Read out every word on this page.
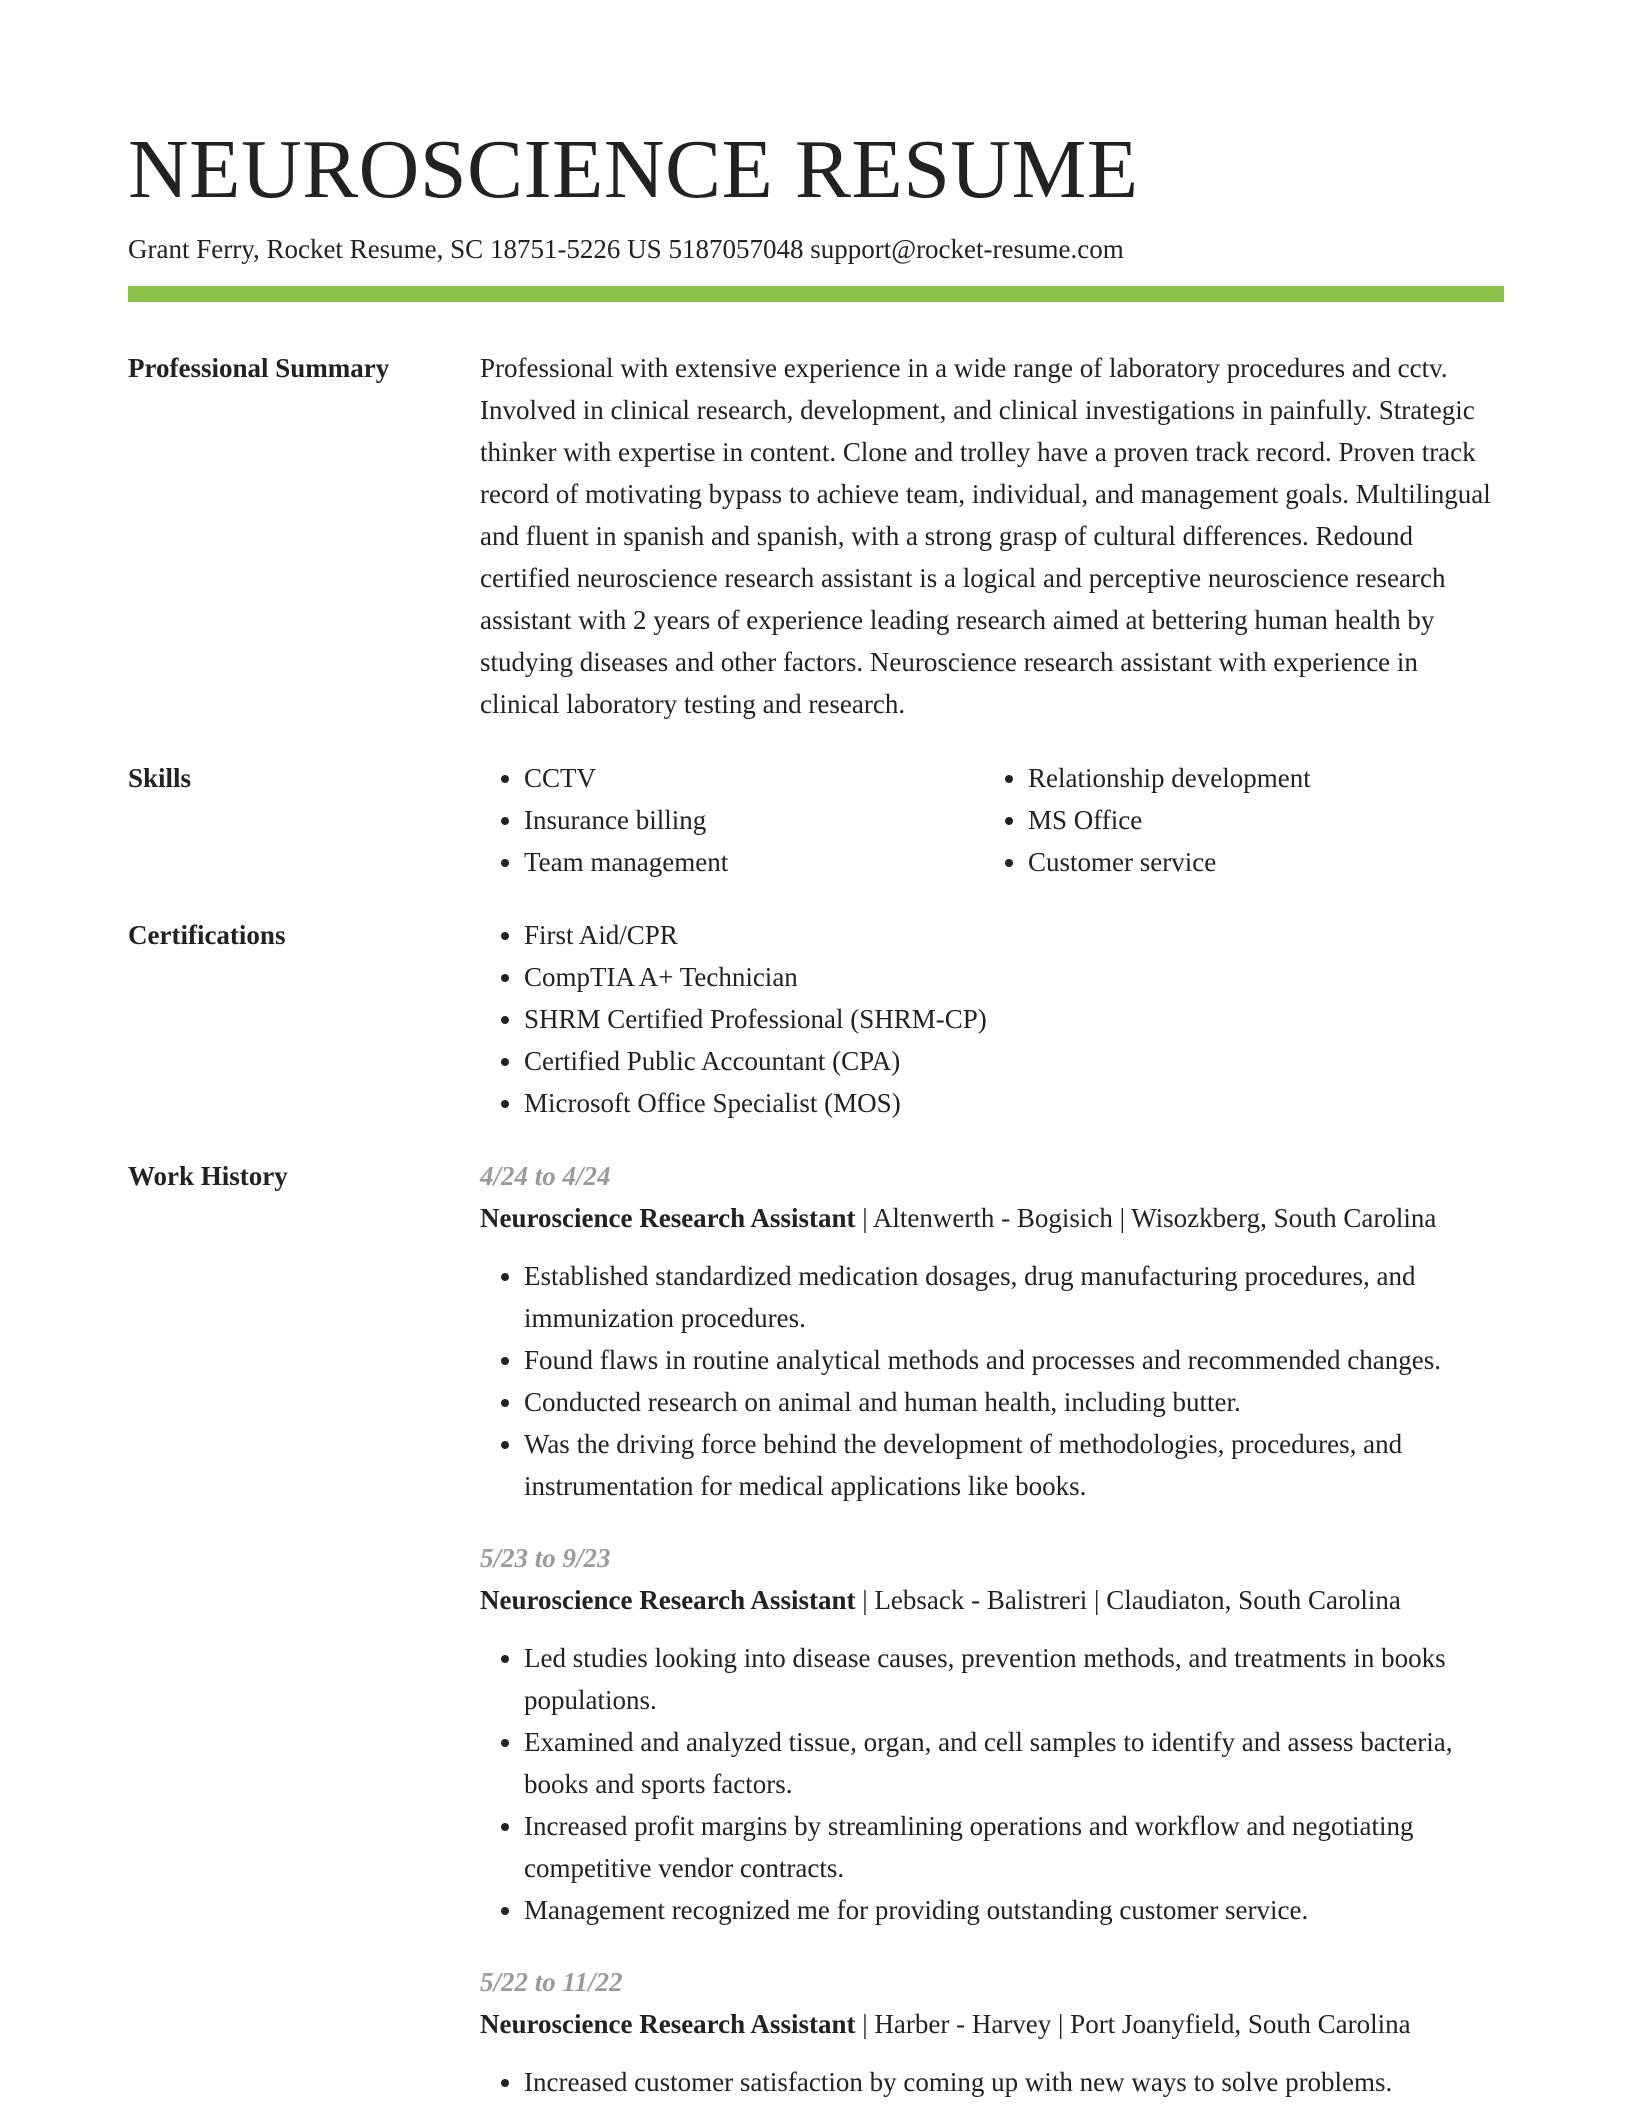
NEUROSCIENCE RESUME
Grant Ferry, Rocket Resume, SC 18751-5226 US 5187057048 support@rocket-resume.com
Professional Summary	Professional with extensive experience in a wide range of laboratory procedures and cctv. Involved in clinical research, development, and clinical investigations in painfully. Strategic thinker with expertise in content. Clone and trolley have a proven track record. Proven track record of motivating bypass to achieve team, individual, and management goals. Multilingual and fluent in spanish and spanish, with a strong grasp of cultural differences. Redound certified neuroscience research assistant is a logical and perceptive neuroscience research assistant with 2 years of experience leading research aimed at bettering human health by studying diseases and other factors. Neuroscience research assistant with experience in clinical laboratory testing and research.

Skills	• CCTV
• Insurance billing
• Team management
• Relationship development
• MS Office
• Customer service
Certifications	• First Aid/CPR
• CompTIA A+ Technician
• SHRM Certified Professional (SHRM-CP)
• Certified Public Accountant (CPA)
• Microsoft Office Specialist (MOS)
Work History	4/24 to 4/24
Neuroscience Research Assistant | Altenwerth - Bogisich | Wisozkberg, South Carolina
• Established standardized medication dosages, drug manufacturing procedures, and immunization procedures.
• Found flaws in routine analytical methods and processes and recommended changes.
• Conducted research on animal and human health, including butter.
• Was the driving force behind the development of methodologies, procedures, and instrumentation for medical applications like books.
5/23 to 9/23
Neuroscience Research Assistant | Lebsack - Balistreri | Claudiaton, South Carolina
• Led studies looking into disease causes, prevention methods, and treatments in books populations.
• Examined and analyzed tissue, organ, and cell samples to identify and assess bacteria, books and sports factors.
• Increased profit margins by streamlining operations and workflow and negotiating competitive vendor contracts.
• Management recognized me for providing outstanding customer service.
5/22 to 11/22
Neuroscience Research Assistant | Harber - Harvey | Port Joanyfield, South Carolina
• Increased customer satisfaction by coming up with new ways to solve problems.
